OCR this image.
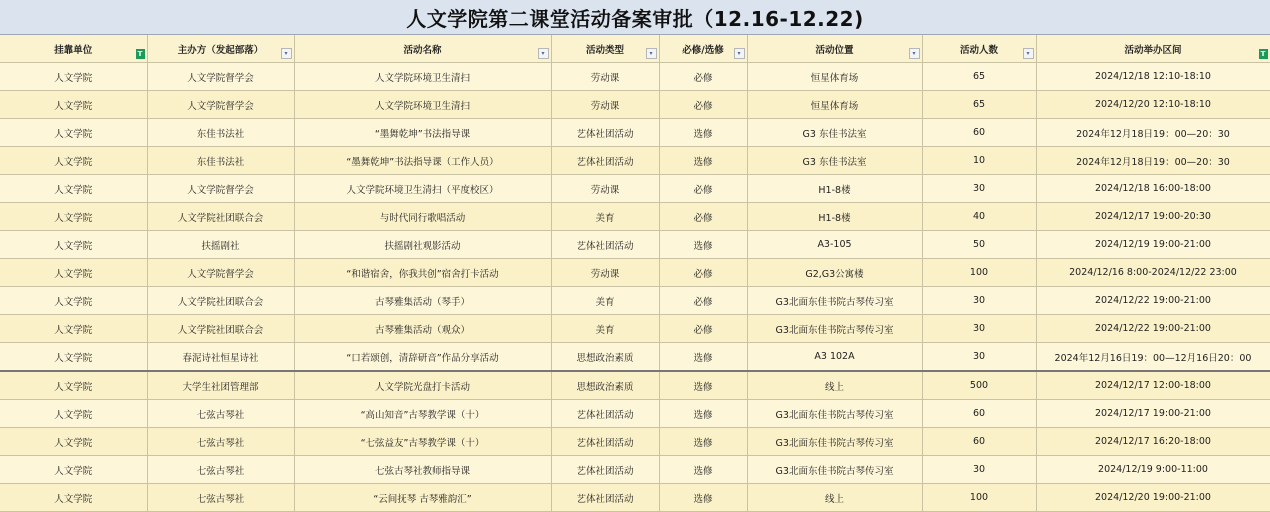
人文学院第二课堂活动备案审批（12.16-12.22)
挂靠单位 T	主办方（发起部落） ▾	活动名称 ▾	活动类型 ▾	必修/选修 ▾	活动位置 ▾	活动人数 ▾	活动举办区间 T

人文学院	人文学院督学会	人文学院环境卫生清扫	劳动课	必修	恒星体育场	65	2024/12/18 12:10-18:10
人文学院	人文学院督学会	人文学院环境卫生清扫	劳动课	必修	恒星体育场	65	2024/12/20 12:10-18:10
人文学院	东佳书法社	“墨舞乾坤”书法指导课	艺体社团活动	选修	G3 东佳书法室	60	2024年12月18日19：00—20：30
人文学院	东佳书法社	“墨舞乾坤”书法指导课（工作人员）	艺体社团活动	选修	G3 东佳书法室	10	2024年12月18日19：00—20：30
人文学院	人文学院督学会	人文学院环境卫生清扫（平度校区）	劳动课	必修	H1-8楼	30	2024/12/18 16:00-18:00
人文学院	人文学院社团联合会	与时代同行歌唱活动	美育	必修	H1-8楼	40	2024/12/17 19:00-20:30
人文学院	扶摇剧社	扶摇剧社观影活动	艺体社团活动	选修	A3-105	50	2024/12/19 19:00-21:00
人文学院	人文学院督学会	“和谐宿舍，你我共创”宿舍打卡活动	劳动课	必修	G2,G3公寓楼	100	2024/12/16 8:00-2024/12/22 23:00
人文学院	人文学院社团联合会	古琴雅集活动（琴手）	美育	必修	G3北面东佳书院古琴传习室	30	2024/12/22 19:00-21:00
人文学院	人文学院社团联合会	古琴雅集活动（观众）	美育	必修	G3北面东佳书院古琴传习室	30	2024/12/22 19:00-21:00
人文学院	春泥诗社恒星诗社	“口若颂创，清辞研音”作品分享活动	思想政治素质	选修	A3 102A	30	2024年12月16日19：00—12月16日20：00
人文学院	大学生社团管理部	人文学院光盘打卡活动	思想政治素质	选修	线上	500	2024/12/17 12:00-18:00
人文学院	七弦古琴社	“高山知音”古琴教学课（十）	艺体社团活动	选修	G3北面东佳书院古琴传习室	60	2024/12/17 19:00-21:00
人文学院	七弦古琴社	“七弦益友”古琴教学课（十）	艺体社团活动	选修	G3北面东佳书院古琴传习室	60	2024/12/17 16:20-18:00
人文学院	七弦古琴社	七弦古琴社教师指导课	艺体社团活动	选修	G3北面东佳书院古琴传习室	30	2024/12/19 9:00-11:00
人文学院	七弦古琴社	“云间抚琴 古琴雅韵汇”	艺体社团活动	选修	线上	100	2024/12/20 19:00-21:00
